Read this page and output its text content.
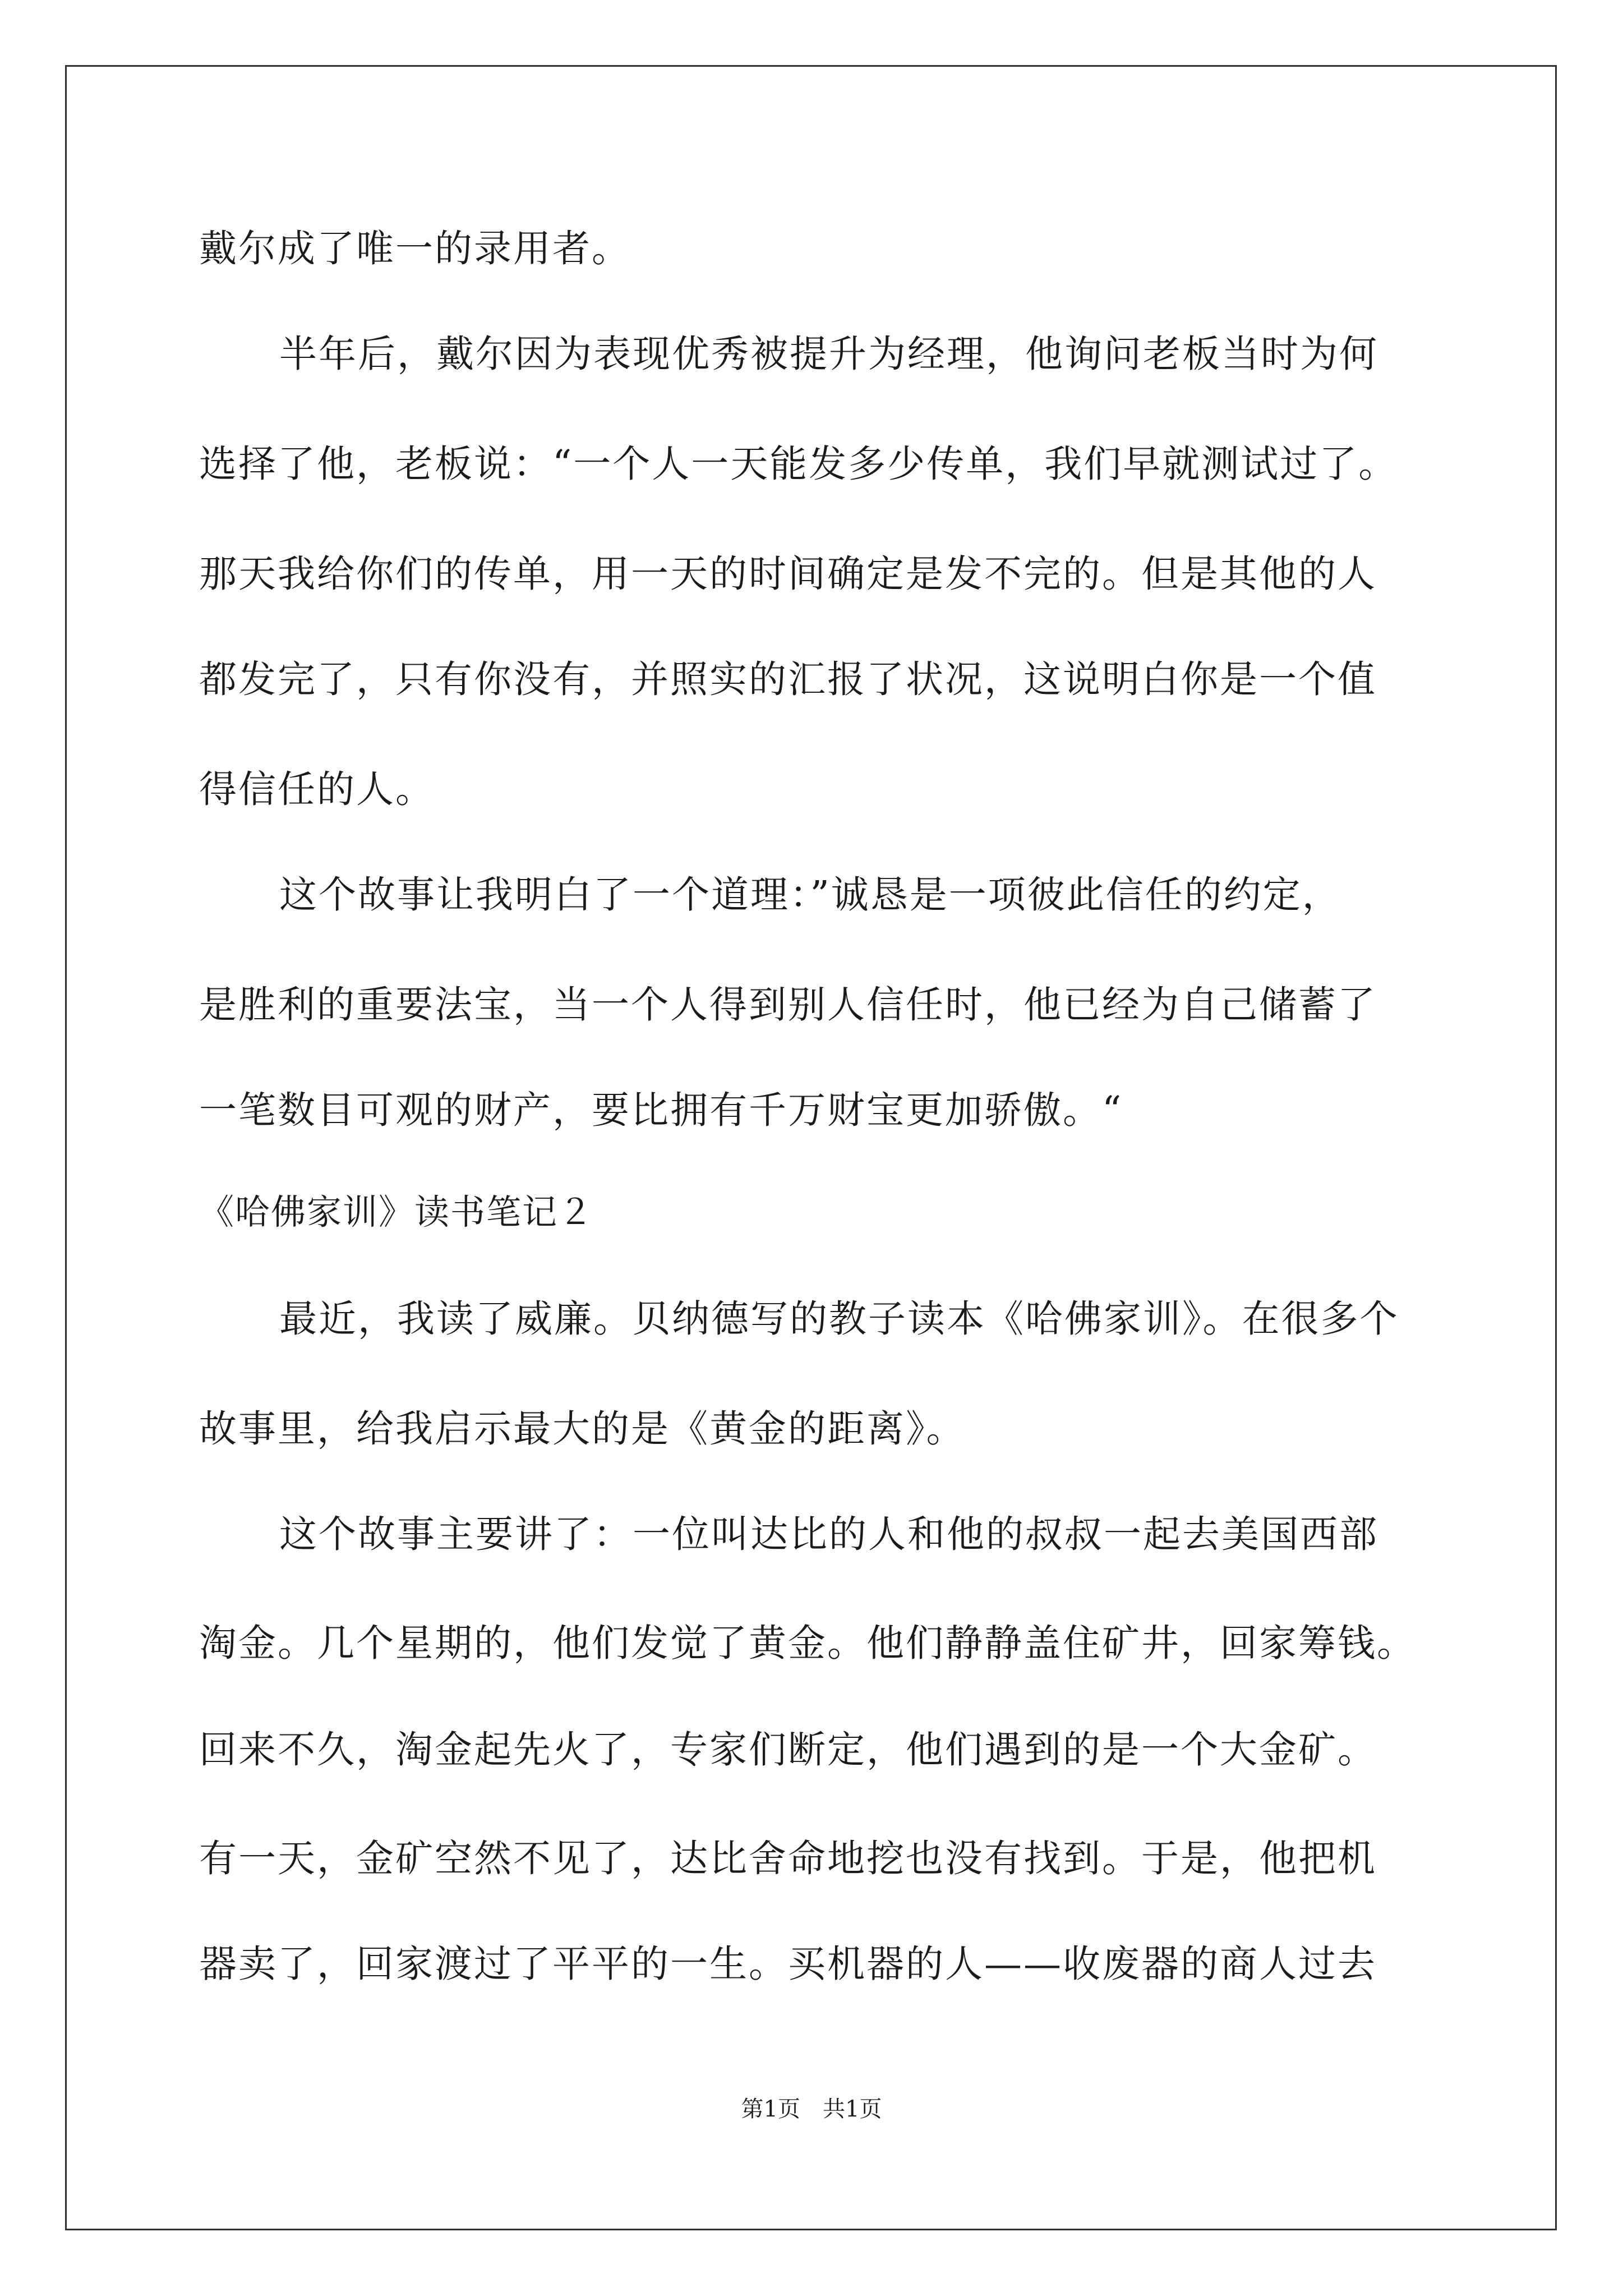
戴尔成了唯一的录用者。
半年后，戴尔因为表现优秀被提升为经理，他询问老板当时为何
选择了他，老板说：“一个人一天能发多少传单，我们早就测试过了。
那天我给你们的传单，用一天的时间确定是发不完的。但是其他的人
都发完了，只有你没有，并照实的汇报了状况，这说明白你是一个值
得信任的人。
这个故事让我明白了一个道理：”诚恳是一项彼此信任的约定，
是胜利的重要法宝，当一个人得到别人信任时，他已经为自己储蓄了
一笔数目可观的财产，要比拥有千万财宝更加骄傲。“
《哈佛家训》读书笔记２
最近，我读了威廉。贝纳德写的教子读本《哈佛家训》。在很多个
故事里，给我启示最大的是《黄金的距离》。
这个故事主要讲了：一位叫达比的人和他的叔叔一起去美国西部
淘金。几个星期的，他们发觉了黄金。他们静静盖住矿井，回家筹钱。
回来不久，淘金起先火了，专家们断定，他们遇到的是一个大金矿。
有一天，金矿空然不见了，达比舍命地挖也没有找到。于是，他把机
器卖了，回家渡过了平平的一生。买机器的人——收废器的商人过去
第1页　共1页
